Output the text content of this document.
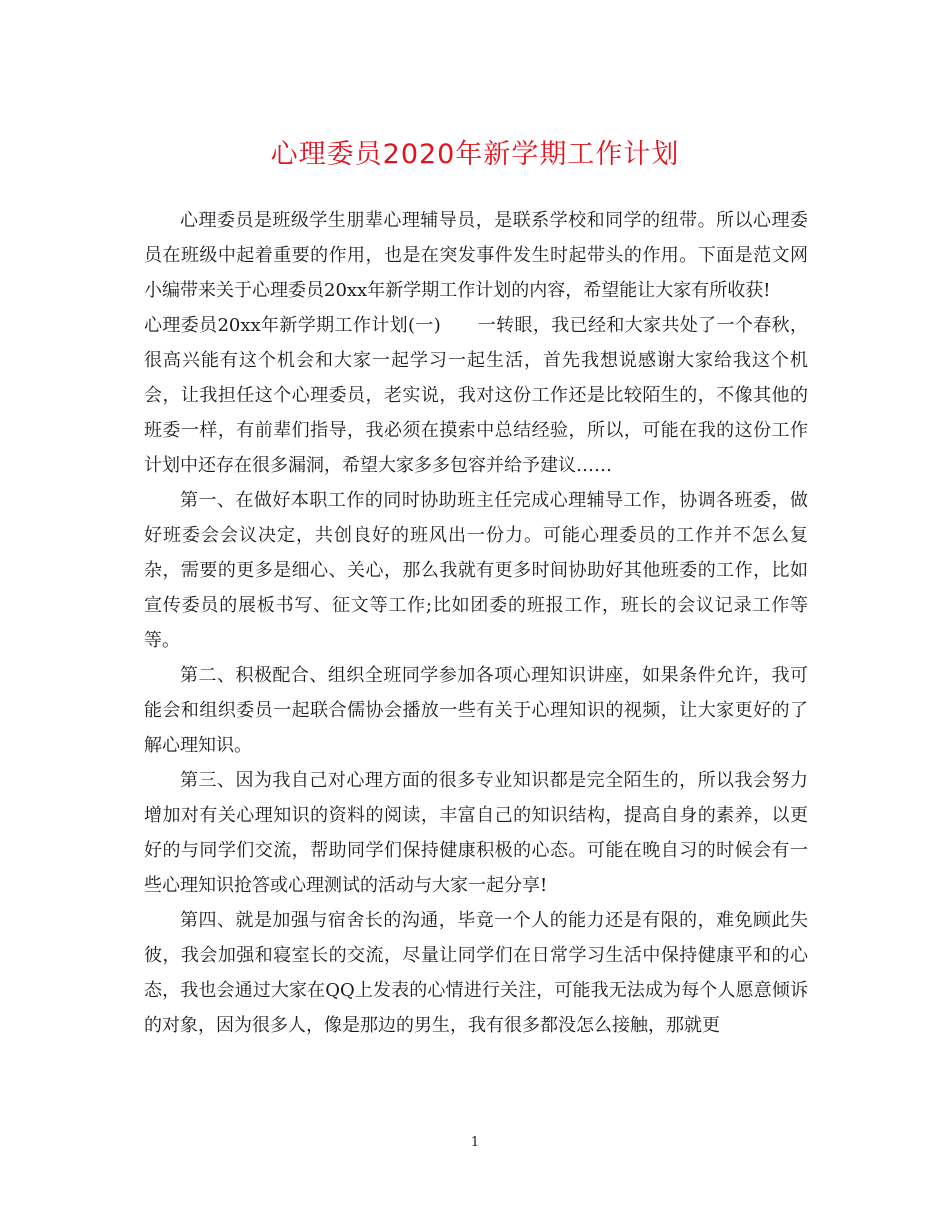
心理委员2020年新学期工作计划

心理委员是班级学生朋辈心理辅导员，是联系学校和同学的纽带。所以心理委员在班级中起着重要的作用，也是在突发事件发生时起带头的作用。下面是范文网小编带来关于心理委员20xx年新学期工作计划的内容，希望能让大家有所收获!

心理委员20xx年新学期工作计划(一)　　一转眼，我已经和大家共处了一个春秋，很高兴能有这个机会和大家一起学习一起生活，首先我想说感谢大家给我这个机会，让我担任这个心理委员，老实说，我对这份工作还是比较陌生的，不像其他的班委一样，有前辈们指导，我必须在摸索中总结经验，所以，可能在我的这份工作计划中还存在很多漏洞，希望大家多多包容并给予建议……

第一、在做好本职工作的同时协助班主任完成心理辅导工作，协调各班委，做好班委会会议决定，共创良好的班风出一份力。可能心理委员的工作并不怎么复杂，需要的更多是细心、关心，那么我就有更多时间协助好其他班委的工作，比如宣传委员的展板书写、征文等工作;比如团委的班报工作，班长的会议记录工作等等。

第二、积极配合、组织全班同学参加各项心理知识讲座，如果条件允许，我可能会和组织委员一起联合儒协会播放一些有关于心理知识的视频，让大家更好的了解心理知识。

第三、因为我自己对心理方面的很多专业知识都是完全陌生的，所以我会努力增加对有关心理知识的资料的阅读，丰富自己的知识结构，提高自身的素养，以更好的与同学们交流，帮助同学们保持健康积极的心态。可能在晚自习的时候会有一些心理知识抢答或心理测试的活动与大家一起分享!

第四、就是加强与宿舍长的沟通，毕竟一个人的能力还是有限的，难免顾此失彼，我会加强和寝室长的交流，尽量让同学们在日常学习生活中保持健康平和的心态，我也会通过大家在QQ上发表的心情进行关注，可能我无法成为每个人愿意倾诉的对象，因为很多人，像是那边的男生，我有很多都没怎么接触，那就更

1
